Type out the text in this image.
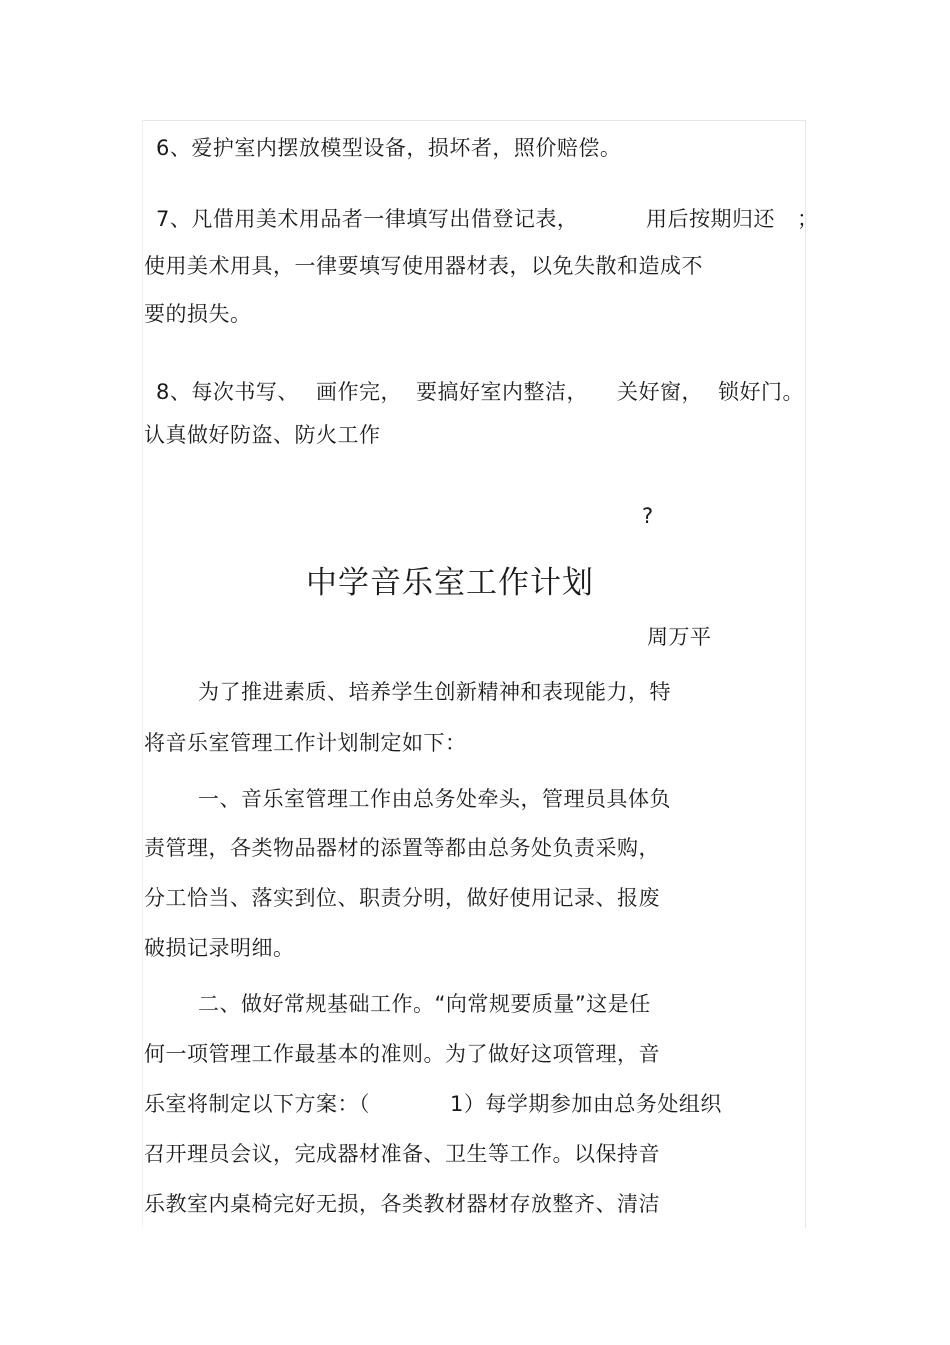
6、爱护室内摆放模型设备，损坏者，照价赔偿。
7、凡借用美术用品者一律填写出借登记表，	用后按期归还 ；
使用美术用具，一律要填写使用器材表，以免失散和造成不
要的损失。
8、每次书写、 画作完， 要搞好室内整洁， 关好窗， 锁好门。
认真做好防盗、防火工作
?
中学音乐室工作计划
周万平
为了推进素质、培养学生创新精神和表现能力，特
将音乐室管理工作计划制定如下：
一、音乐室管理工作由总务处牵头，管理员具体负
责管理，各类物品器材的添置等都由总务处负责采购，
分工恰当、落实到位、职责分明，做好使用记录、报废
破损记录明细。
二、做好常规基础工作。“向常规要质量”这是任
何一项管理工作最基本的准则。为了做好这项管理，音
乐室将制定以下方案：（	1）每学期参加由总务处组织
召开理员会议，完成器材准备、卫生等工作。以保持音
乐教室内桌椅完好无损，各类教材器材存放整齐、清洁
